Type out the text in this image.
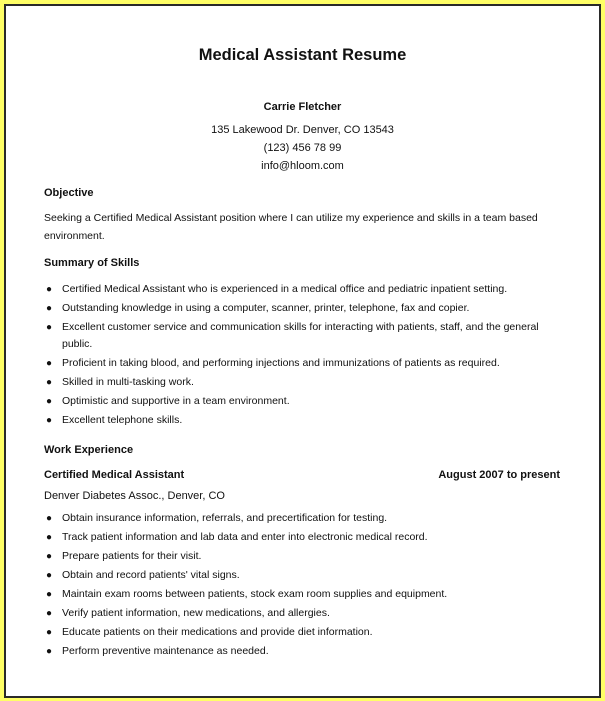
Medical Assistant Resume
Carrie Fletcher
135 Lakewood Dr. Denver, CO 13543
(123) 456 78 99
info@hloom.com
Objective
Seeking a Certified Medical Assistant position where I can utilize my experience and skills in a team based environment.
Summary of Skills
● Certified Medical Assistant who is experienced in a medical office and pediatric inpatient setting.
● Outstanding knowledge in using a computer, scanner, printer, telephone, fax and copier.
● Excellent customer service and communication skills for interacting with patients, staff, and the general public.
● Proficient in taking blood, and performing injections and immunizations of patients as required.
● Skilled in multi-tasking work.
● Optimistic and supportive in a team environment.
● Excellent telephone skills.
Work Experience
Certified Medical Assistant	August 2007 to present
Denver Diabetes Assoc., Denver, CO
● Obtain insurance information, referrals, and precertification for testing.
● Track patient information and lab data and enter into electronic medical record.
● Prepare patients for their visit.
● Obtain and record patients' vital signs.
● Maintain exam rooms between patients, stock exam room supplies and equipment.
● Verify patient information, new medications, and allergies.
● Educate patients on their medications and provide diet information.
● Perform preventive maintenance as needed.
